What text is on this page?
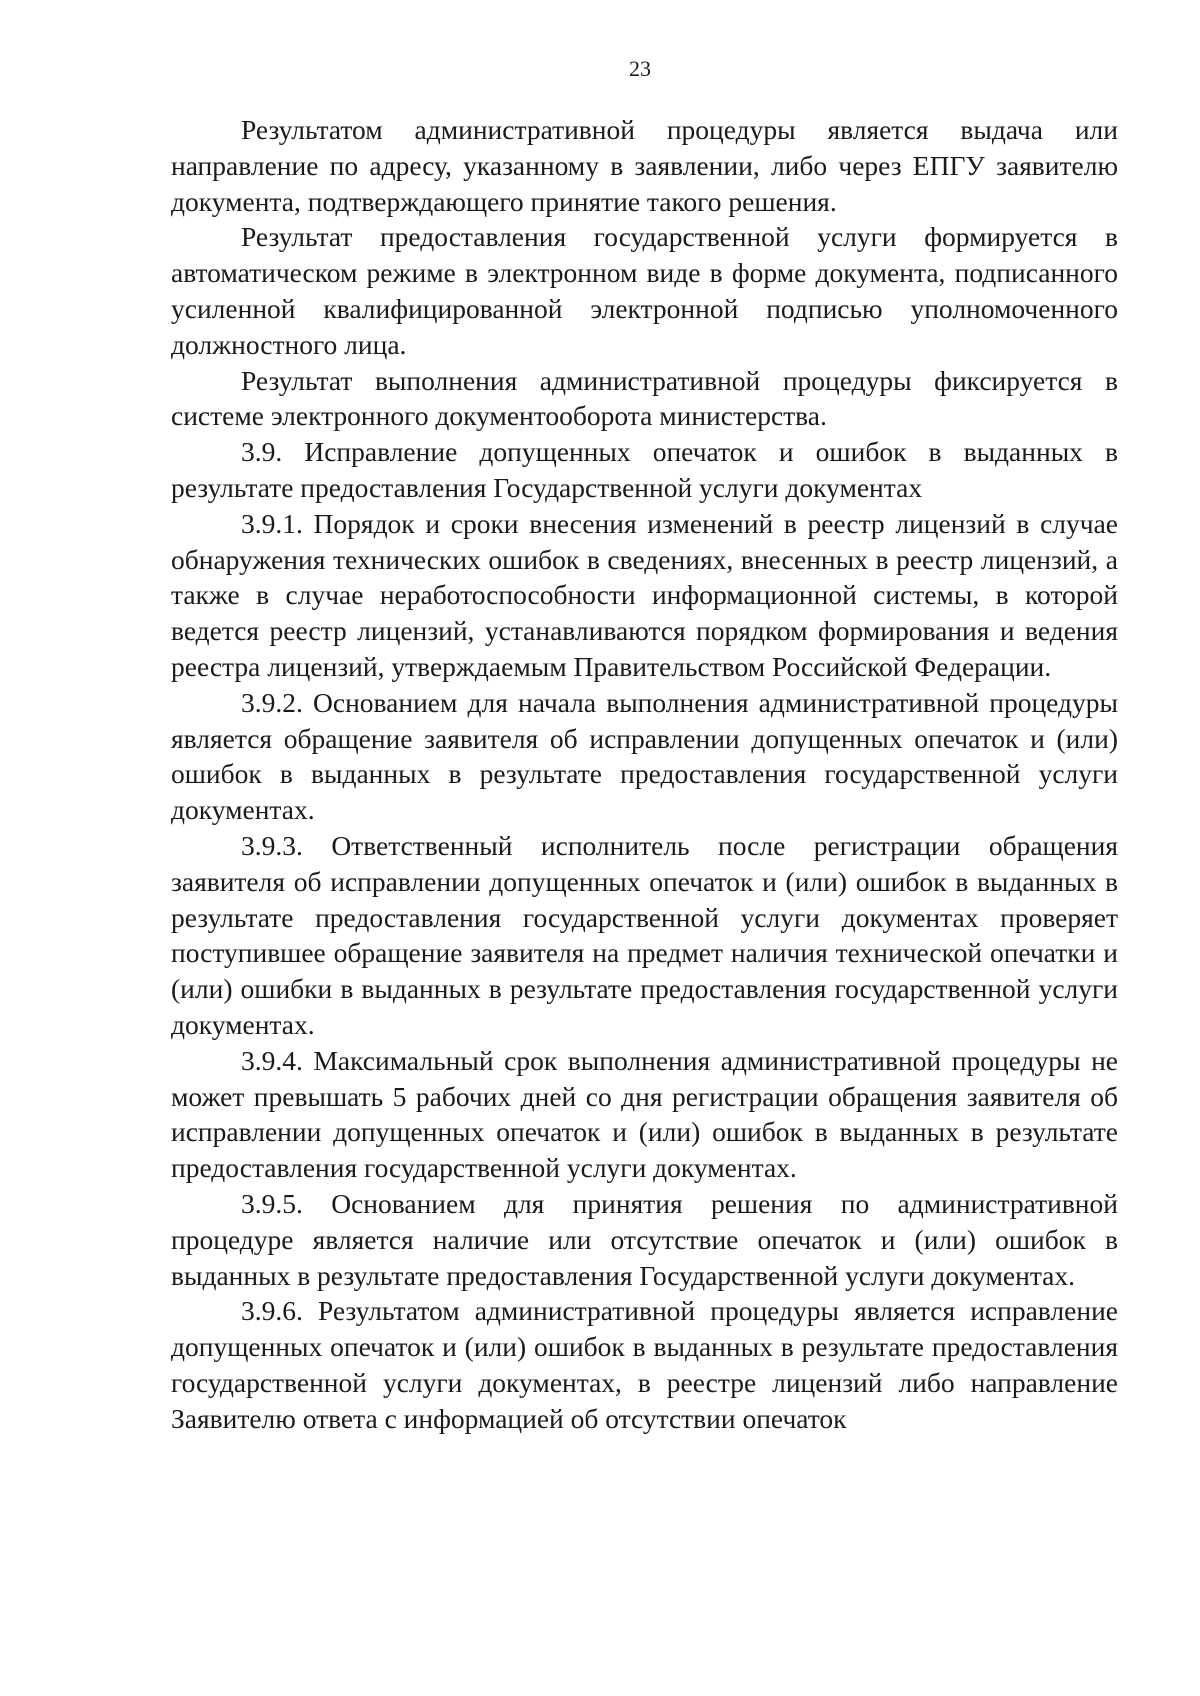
23

Результатом административной процедуры является выдача или направление по адресу, указанному в заявлении, либо через ЕПГУ заявителю документа, подтверждающего принятие такого решения.

Результат предоставления государственной услуги формируется в автоматическом режиме в электронном виде в форме документа, подписанного усиленной квалифицированной электронной подписью уполномоченного должностного лица.

Результат выполнения административной процедуры фиксируется в системе электронного документооборота министерства.

3.9. Исправление допущенных опечаток и ошибок в выданных в результате предоставления Государственной услуги документах

3.9.1. Порядок и сроки внесения изменений в реестр лицензий в случае обнаружения технических ошибок в сведениях, внесенных в реестр лицензий, а также в случае неработоспособности информационной системы, в которой ведется реестр лицензий, устанавливаются порядком формирования и ведения реестра лицензий, утверждаемым Правительством Российской Федерации.

3.9.2. Основанием для начала выполнения административной процедуры является обращение заявителя об исправлении допущенных опечаток и (или) ошибок в выданных в результате предоставления государственной услуги документах.

3.9.3. Ответственный исполнитель после регистрации обращения заявителя об исправлении допущенных опечаток и (или) ошибок в выданных в результате предоставления государственной услуги документах проверяет поступившее обращение заявителя на предмет наличия технической опечатки и (или) ошибки в выданных в результате предоставления государственной услуги документах.

3.9.4. Максимальный срок выполнения административной процедуры не может превышать 5 рабочих дней со дня регистрации обращения заявителя об исправлении допущенных опечаток и (или) ошибок в выданных в результате предоставления государственной услуги документах.

3.9.5. Основанием для принятия решения по административной процедуре является наличие или отсутствие опечаток и (или) ошибок в выданных в результате предоставления Государственной услуги документах.

3.9.6. Результатом административной процедуры является исправление допущенных опечаток и (или) ошибок в выданных в результате предоставления государственной услуги документах, в реестре лицензий либо направление Заявителю ответа с информацией об отсутствии опечаток
